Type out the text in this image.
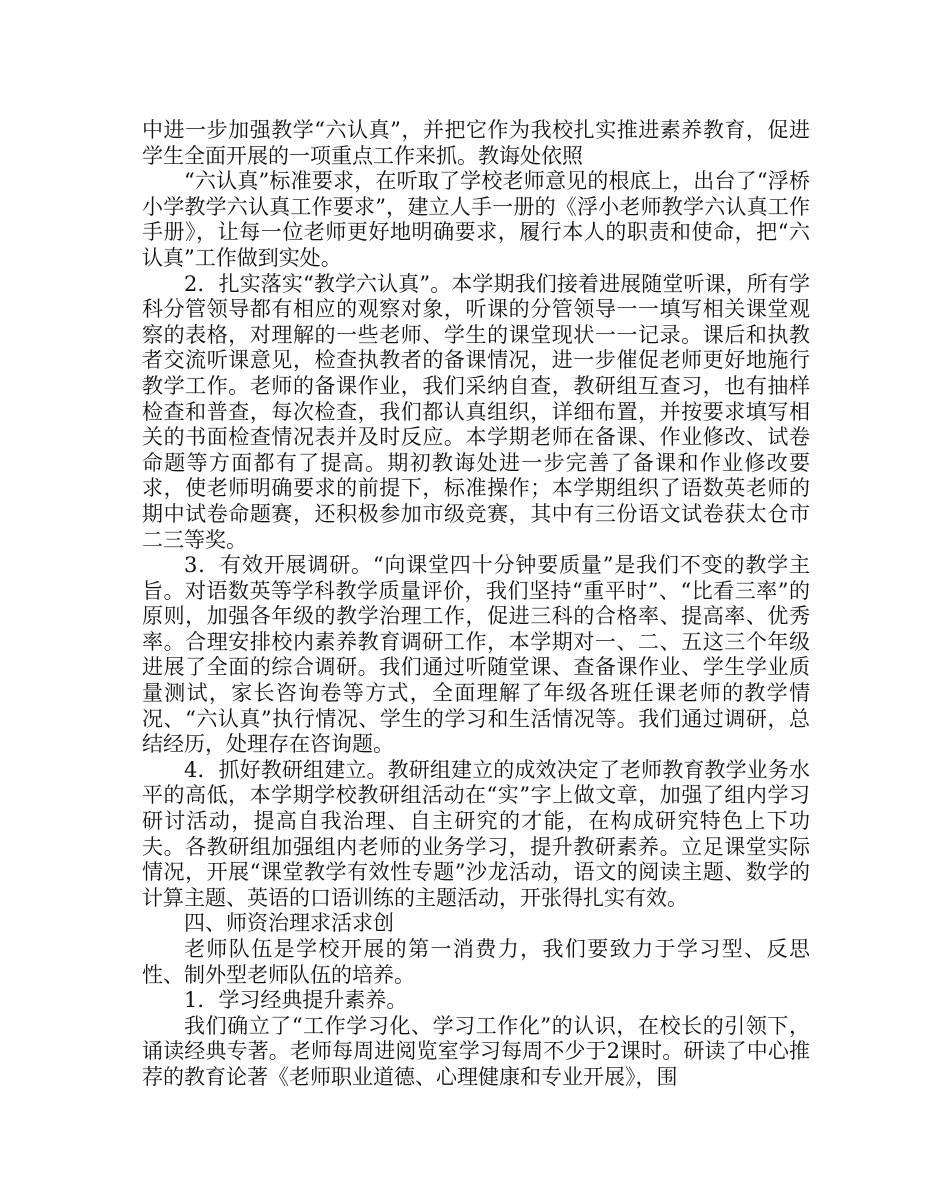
中进一步加强教学“六认真”，并把它作为我校扎实推进素养教育，促进学生全面开展的一项重点工作来抓。教诲处依照

“六认真”标准要求，在听取了学校老师意见的根底上，出台了“浮桥小学教学六认真工作要求”，建立人手一册的《浮小老师教学六认真工作手册》，让每一位老师更好地明确要求，履行本人的职责和使命，把“六认真”工作做到实处。

2．扎实落实“教学六认真”。本学期我们接着进展随堂听课，所有学科分管领导都有相应的观察对象，听课的分管领导一一填写相关课堂观察的表格，对理解的一些老师、学生的课堂现状一一记录。课后和执教者交流听课意见，检查执教者的备课情况，进一步催促老师更好地施行教学工作。老师的备课作业，我们采纳自查，教研组互查习，也有抽样检查和普查，每次检查，我们都认真组织，详细布置，并按要求填写相关的书面检查情况表并及时反应。本学期老师在备课、作业修改、试卷命题等方面都有了提高。期初教诲处进一步完善了备课和作业修改要求，使老师明确要求的前提下，标准操作；本学期组织了语数英老师的期中试卷命题赛，还积极参加市级竞赛，其中有三份语文试卷获太仓市二三等奖。

3．有效开展调研。“向课堂四十分钟要质量”是我们不变的教学主旨。对语数英等学科教学质量评价，我们坚持“重平时”、“比看三率”的原则，加强各年级的教学治理工作，促进三科的合格率、提高率、优秀率。合理安排校内素养教育调研工作，本学期对一、二、五这三个年级进展了全面的综合调研。我们通过听随堂课、查备课作业、学生学业质量测试，家长咨询卷等方式，全面理解了年级各班任课老师的教学情况、“六认真”执行情况、学生的学习和生活情况等。我们通过调研，总结经历，处理存在咨询题。

4．抓好教研组建立。教研组建立的成效决定了老师教育教学业务水平的高低，本学期学校教研组活动在“实”字上做文章，加强了组内学习研讨活动，提高自我治理、自主研究的才能，在构成研究特色上下功夫。各教研组加强组内老师的业务学习，提升教研素养。立足课堂实际情况，开展“课堂教学有效性专题”沙龙活动，语文的阅读主题、数学的计算主题、英语的口语训练的主题活动，开张得扎实有效。

四、师资治理求活求创

老师队伍是学校开展的第一消费力，我们要致力于学习型、反思性、制外型老师队伍的培养。

1．学习经典提升素养。

我们确立了“工作学习化、学习工作化”的认识，在校长的引领下，诵读经典专著。老师每周进阅览室学习每周不少于2课时。研读了中心推荐的教育论著《老师职业道德、心理健康和专业开展》，围
